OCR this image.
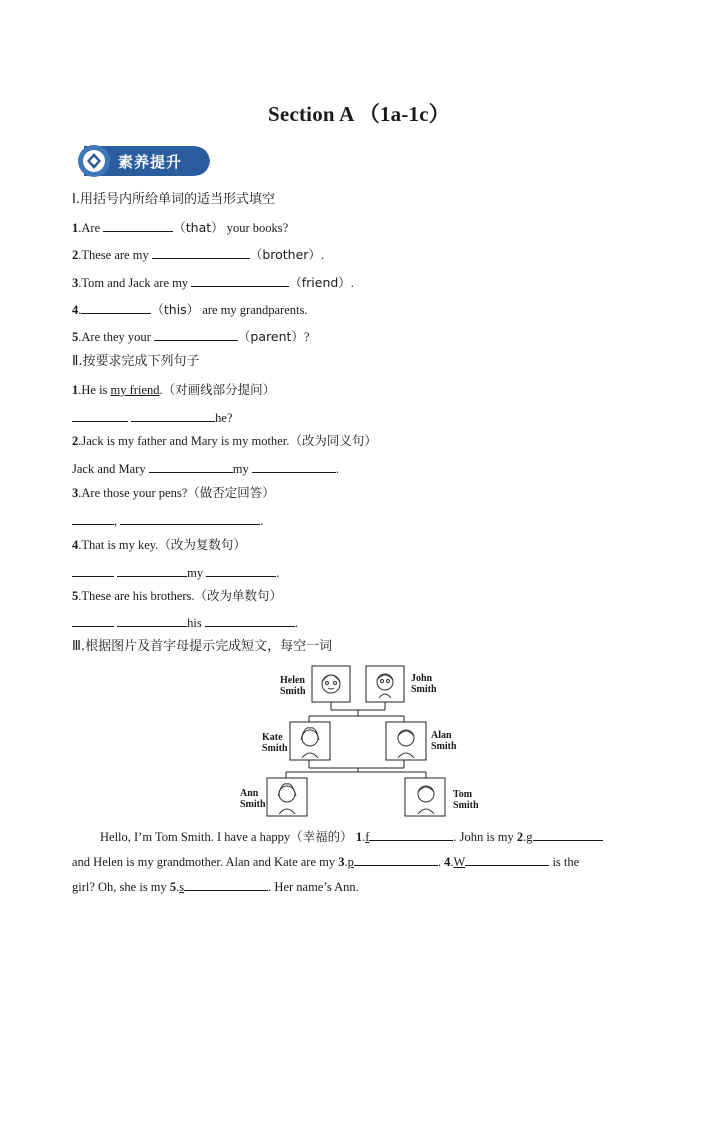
Section A （1a-1c）
素养提升
Ⅰ.用括号内所给单词的适当形式填空
1.Are	（that） your books?
2.These are my	（brother）.
3.Tom and Jack are my	（friend）.
4.	（this） are my grandparents.
5.Are they your	（parent）?
Ⅱ.按要求完成下列句子
1.He is my friend.（对画线部分提问）
he?
2.Jack is my father and Mary is my mother.（改为同义句）
Jack and Mary	my	.
3.Are those your pens?（做否定回答）
,	.
4.That is my key.（改为复数句）
my	.
5.These are his brothers.（改为单数句）
his	.
Ⅲ.根据图片及首字母提示完成短文，每空一词
Helen
Smith
John
Smith
Kate
Smith
Alan
Smith
Ann
Smith
Tom
Smith
Hello, I’m Tom Smith. I have a happy（幸福的） 1.f	. John is my 2.g
and Helen is my grandmother. Alan and Kate are my 3.p	. 4.W	is the
girl? Oh, she is my 5.s	. Her name’s Ann.
